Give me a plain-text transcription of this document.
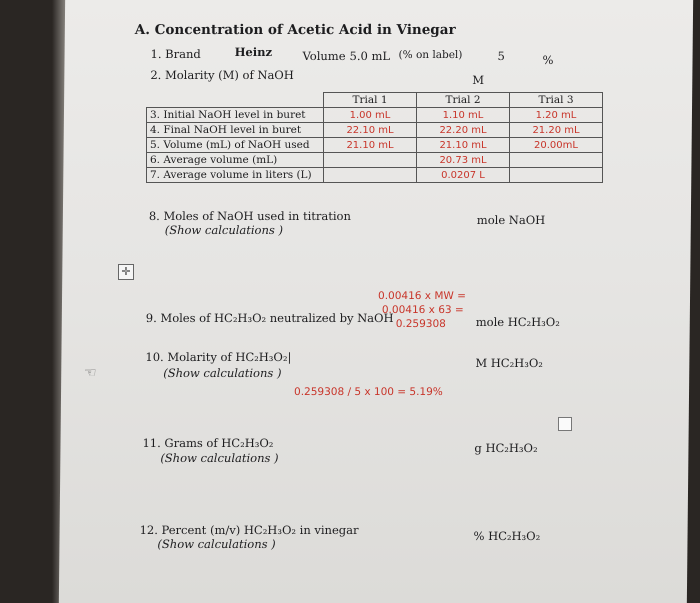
A. Concentration of Acetic Acid in Vinegar
1. Brand	Heinz	Volume 5.0 mL (% on label)	5	%
2. Molarity (M) of NaOH	M
8. Moles of NaOH used in titration
(Show calculations )
mole NaOH
0.00416 x MW =
0.00416 x 63 =
0.259308
9. Moles of HC₂H₃O₂ neutralized by NaOH	mole HC₂H₃O₂
10. Molarity of HC₂H₃O₂|
(Show calculations )
M HC₂H₃O₂
0.259308 / 5 x 100 = 5.19%
11. Grams of HC₂H₃O₂
(Show calculations )
g HC₂H₃O₂
12. Percent (m/v) HC₂H₃O₂ in vinegar
(Show calculations )
% HC₂H₃O₂
	Trial 1	Trial 2	Trial 3
3. Initial NaOH level in buret	1.00 mL	1.10 mL	1.20 mL
4. Final NaOH level in buret	22.10 mL	22.20 mL	21.20 mL
5. Volume (mL) of NaOH used	21.10 mL	21.10 mL	20.00mL
6. Average volume (mL)		20.73 mL	
7. Average volume in liters (L)		0.0207 L	
✛
☜
